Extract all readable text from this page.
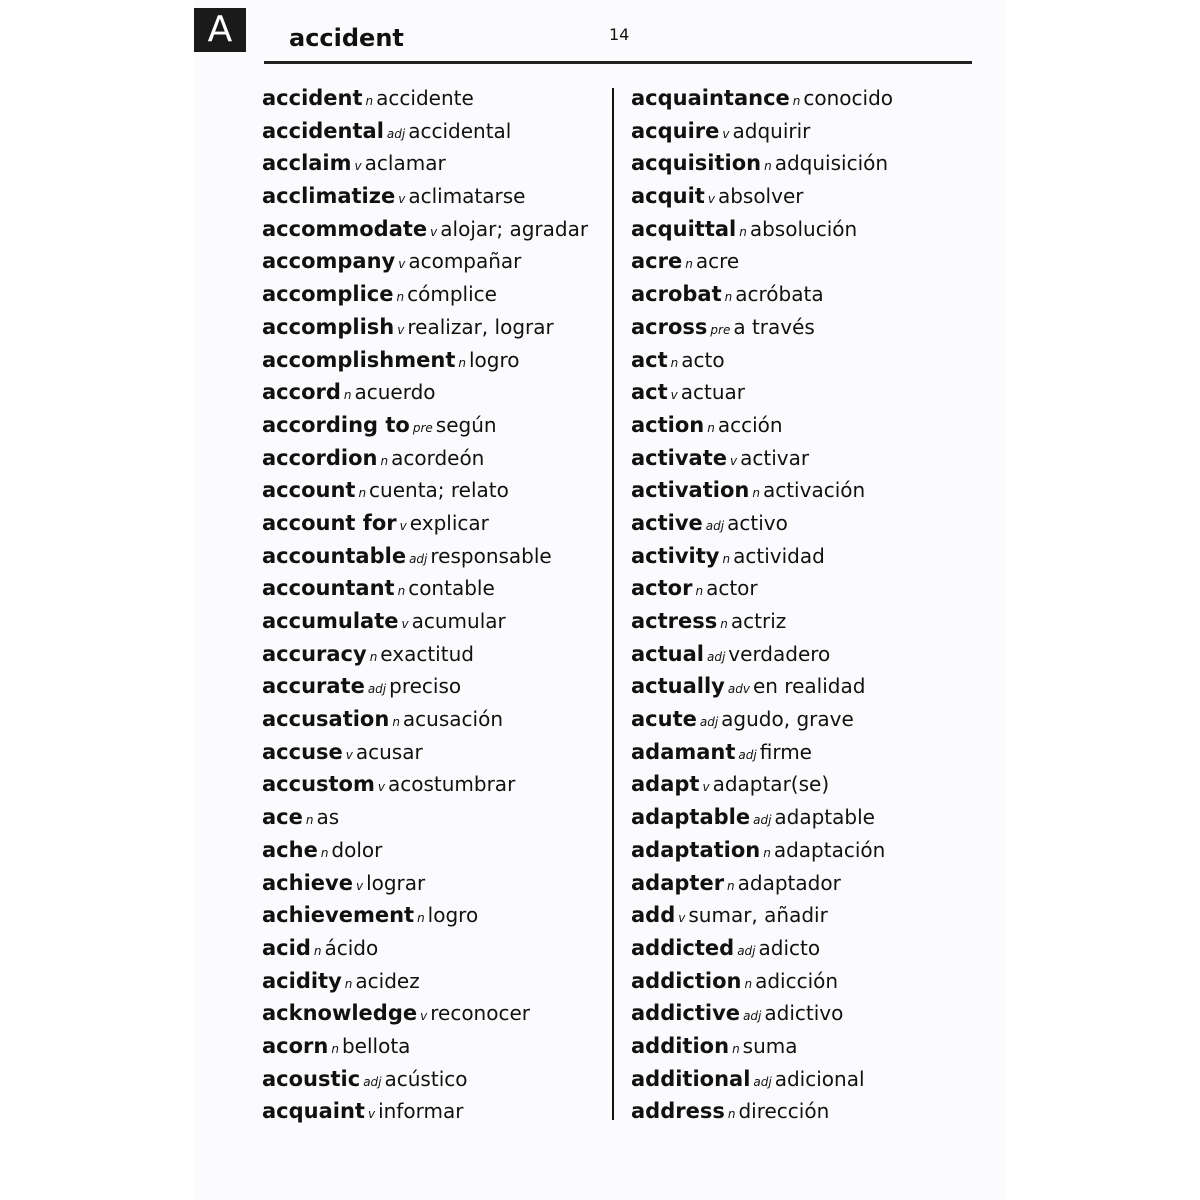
A	accident	14
accident n accidente
accidental adj accidental
acclaim v aclamar
acclimatize v aclimatarse
accommodate v alojar; agradar
accompany v acompañar
accomplice n cómplice
accomplish v realizar, lograr
accomplishment n logro
accord n acuerdo
according to pre según
accordion n acordeón
account n cuenta; relato
account for v explicar
accountable adj responsable
accountant n contable
accumulate v acumular
accuracy n exactitud
accurate adj preciso
accusation n acusación
accuse v acusar
accustom v acostumbrar
ace n as
ache n dolor
achieve v lograr
achievement n logro
acid n ácido
acidity n acidez
acknowledge v reconocer
acorn n bellota
acoustic adj acústico
acquaint v informar
acquaintance n conocido
acquire v adquirir
acquisition n adquisición
acquit v absolver
acquittal n absolución
acre n acre
acrobat n acróbata
across pre a través
act n acto
act v actuar
action n acción
activate v activar
activation n activación
active adj activo
activity n actividad
actor n actor
actress n actriz
actual adj verdadero
actually adv en realidad
acute adj agudo, grave
adamant adj firme
adapt v adaptar(se)
adaptable adj adaptable
adaptation n adaptación
adapter n adaptador
add v sumar, añadir
addicted adj adicto
addiction n adicción
addictive adj adictivo
addition n suma
additional adj adicional
address n dirección
